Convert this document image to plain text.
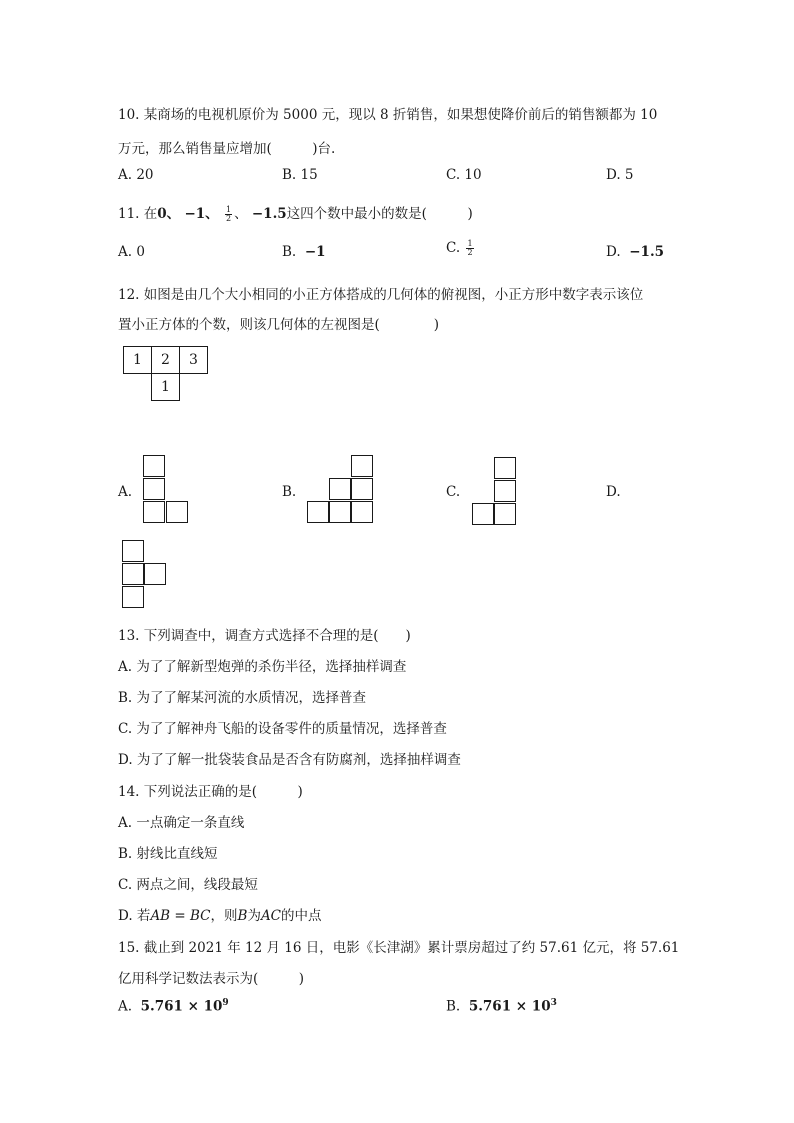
10. 某商场的电视机原价为 5000 元，现以 8 折销售，如果想使降价前后的销售额都为 10
万元，那么销售量应增加(　　　)台.
A. 20	B. 15	C. 10	D. 5
11. 在0、 −1、 $\frac{1}{2}$ 、 −1.5这四个数中最小的数是(　　　)
A. 0	B. −1	C. $\frac{1}{2}$	D. −1.5
12. 如图是由几个大小相同的小正方体搭成的几何体的俯视图，小正方形中数字表示该位
置小正方体的个数，则该几何体的左视图是(　　　　)
1	2	3
1
A.	B.	C.	D.
13. 下列调查中，调查方式选择不合理的是(　　)
A. 为了了解新型炮弹的杀伤半径，选择抽样调查
B. 为了了解某河流的水质情况，选择普查
C. 为了了解神舟飞船的设备零件的质量情况，选择普查
D. 为了了解一批袋装食品是否含有防腐剂，选择抽样调查
14. 下列说法正确的是(　　　)
A. 一点确定一条直线
B. 射线比直线短
C. 两点之间，线段最短
D. 若AB = BC，则B为AC的中点
15. 截止到 2021 年 12 月 16 日，电影《长津湖》累计票房超过了约 57.61 亿元，将 57.61
亿用科学记数法表示为(　　　)
A. $5.761 \times 10^9$	B. $5.761 \times 10^3$
